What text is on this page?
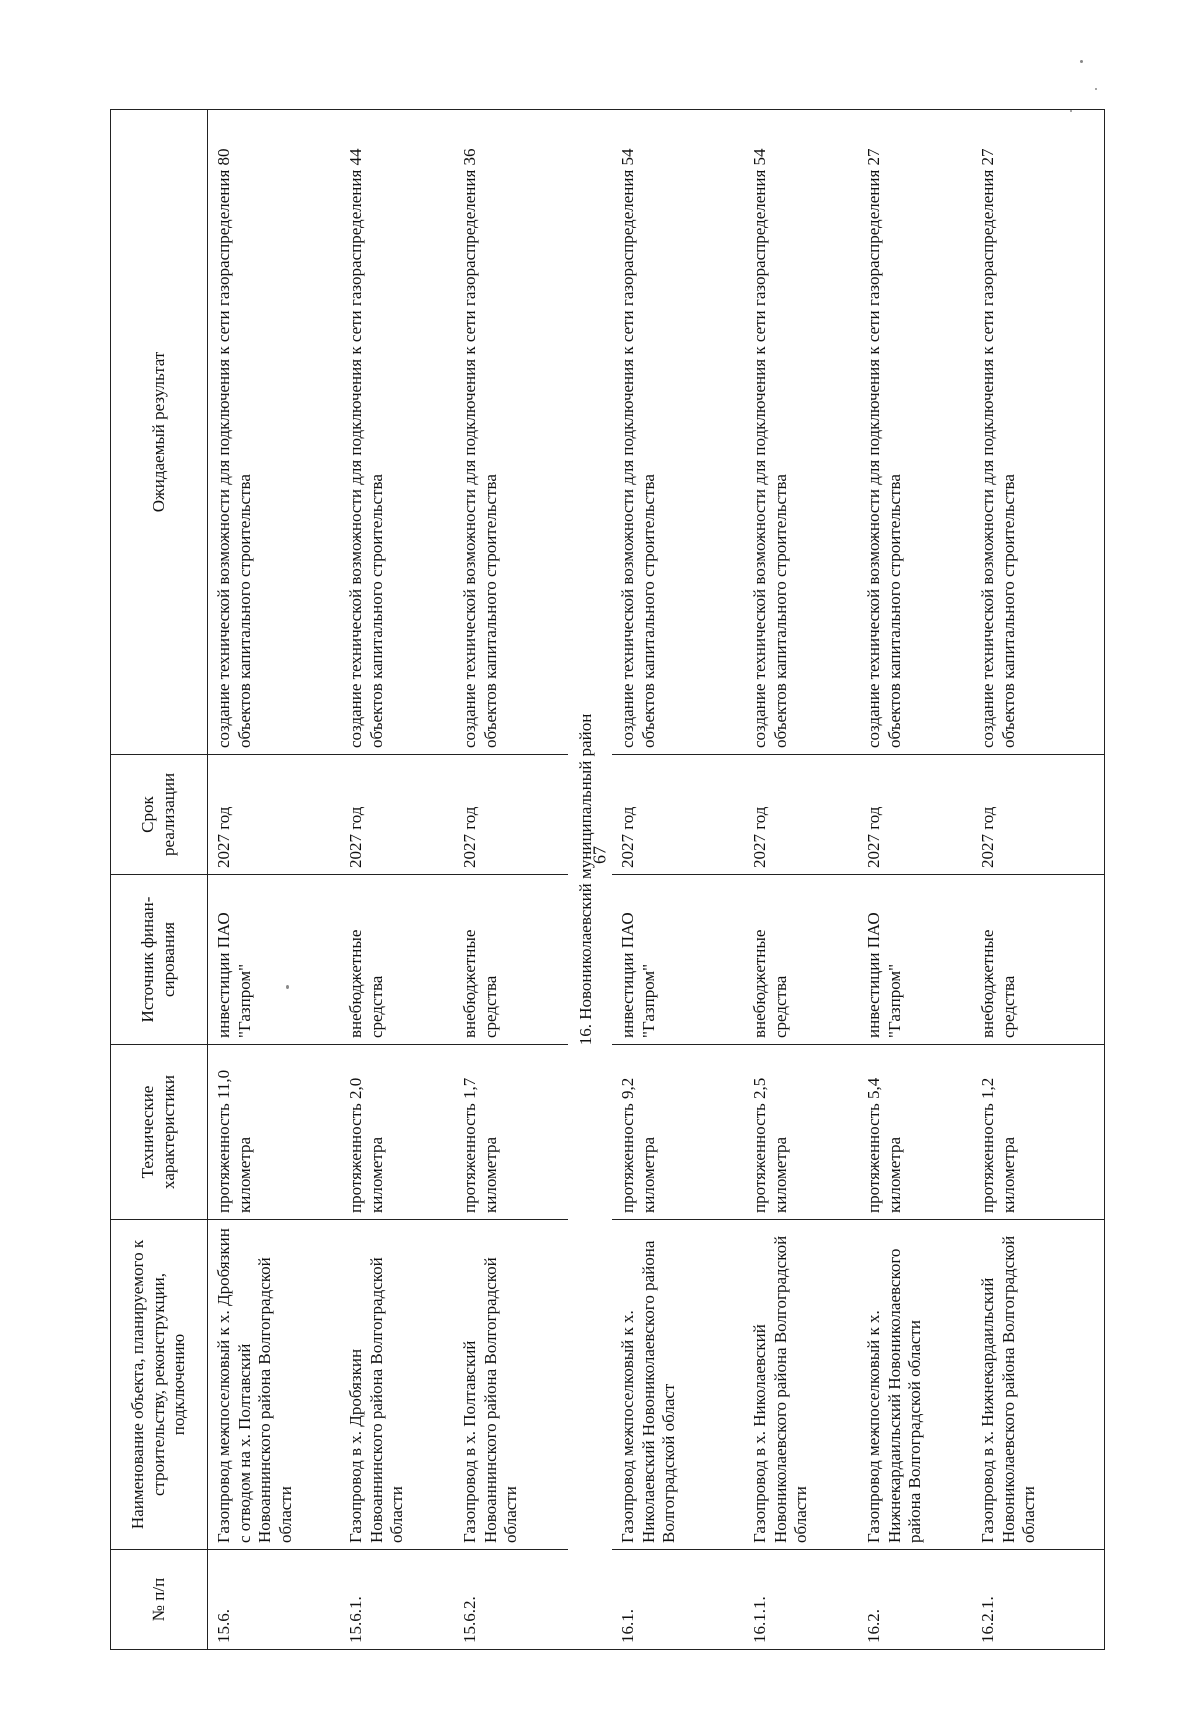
67
№ п/п	Наименование объекта, планируемого к строительству, реконструкции, подключению	Технические характеристики	Источник финан-сирования	Срок реализации	Ожидаемый результат
15.6.	Газопровод межпоселковый к х. Дробязкин с отводом на х. Полтавский Новоаннинского района Волгоградской области	протяженность 11,0 километра	инвестиции ПАО "Газпром"	2027 год	создание технической возможности для подключения к сети газораспределения 80 объектов капитального строительства
15.6.1.	Газопровод в х. Дробязкин Новоаннинского района Волгоградской области	протяженность 2,0 километра	внебюджетные средства	2027 год	создание технической возможности для подключения к сети газораспределения 44 объектов капитального строительства
15.6.2.	Газопровод в х. Полтавский Новоаннинского района Волгоградской области	протяженность 1,7 километра	внебюджетные средства	2027 год	создание технической возможности для подключения к сети газораспределения 36 объектов капитального строительства
16. Новониколаевский муниципальный район					
16.1.	Газопровод межпоселковый к х. Николаевский Новониколаевского района Волгоградской област	протяженность 9,2 километра	инвестиции ПАО "Газпром"	2027 год	создание технической возможности для подключения к сети газораспределения 54 объектов капитального строительства
16.1.1.	Газопровод в х. Николаевский Новониколаевского района Волгоградской области	протяженность 2,5 километра	внебюджетные средства	2027 год	создание технической возможности для подключения к сети газораспределения 54 объектов капитального строительства
16.2.	Газопровод межпоселковый к х. Нижнекардаильский Новониколаевского района Волгоградской области	протяженность 5,4 километра	инвестиции ПАО "Газпром"	2027 год	создание технической возможности для подключения к сети газораспределения 27 объектов капитального строительства
16.2.1.	Газопровод в х. Нижнекардаильский Новониколаевского района Волгоградской области	протяженность 1,2 километра	внебюджетные средства	2027 год	создание технической возможности для подключения к сети газораспределения 27 объектов капитального строительства
